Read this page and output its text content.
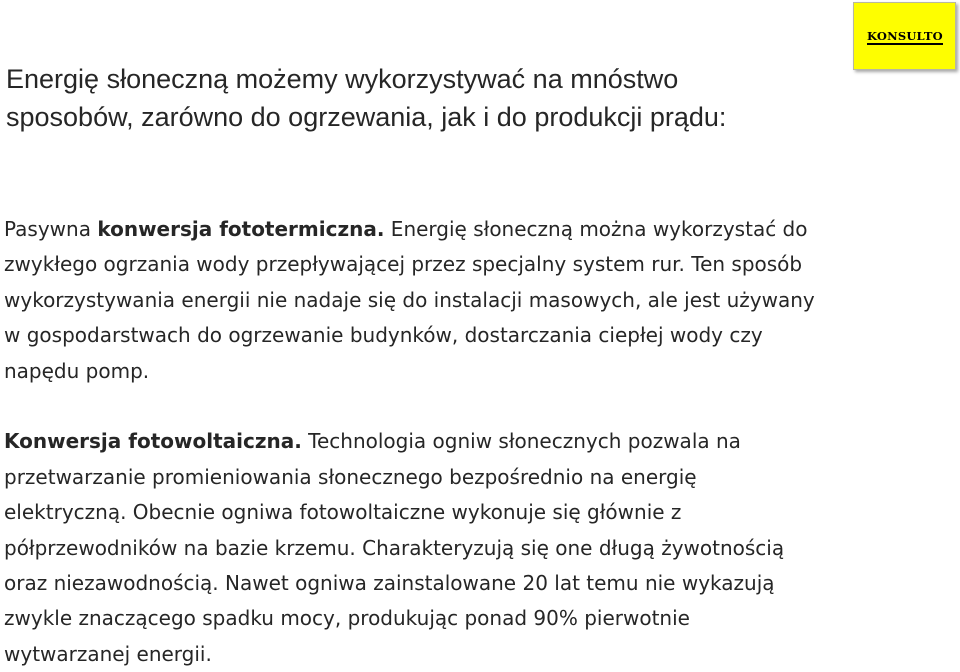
KONSULTO
Energię słoneczną możemy wykorzystywać na mnóstwo
sposobów, zarówno do ogrzewania, jak i do produkcji prądu:

Pasywna konwersja fototermiczna. Energię słoneczną można wykorzystać do
zwykłego ogrzania wody przepływającej przez specjalny system rur. Ten sposób
wykorzystywania energii nie nadaje się do instalacji masowych, ale jest używany
w gospodarstwach do ogrzewanie budynków, dostarczania ciepłej wody czy
napędu pomp.

Konwersja fotowoltaiczna. Technologia ogniw słonecznych pozwala na
przetwarzanie promieniowania słonecznego bezpośrednio na energię
elektryczną. Obecnie ogniwa fotowoltaiczne wykonuje się głównie z
półprzewodników na bazie krzemu. Charakteryzują się one długą żywotnością
oraz niezawodnością. Nawet ogniwa zainstalowane 20 lat temu nie wykazują
zwykle znaczącego spadku mocy, produkując ponad 90% pierwotnie
wytwarzanej energii.
